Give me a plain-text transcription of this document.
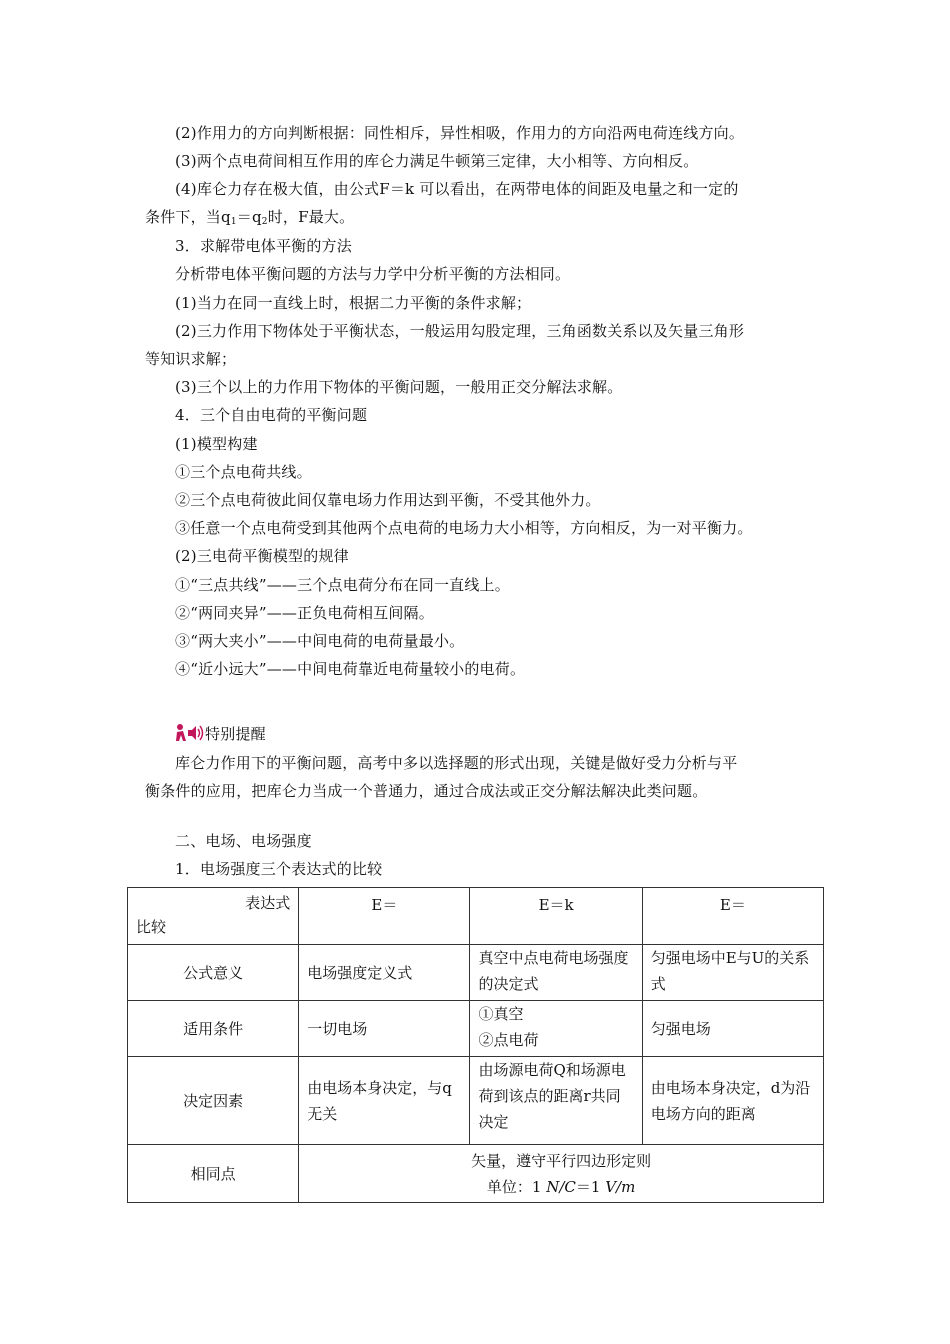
(2)作用力的方向判断根据：同性相斥，异性相吸，作用力的方向沿两电荷连线方向。
(3)两个点电荷间相互作用的库仑力满足牛顿第三定律，大小相等、方向相反。
(4)库仑力存在极大值，由公式F＝k 可以看出，在两带电体的间距及电量之和一定的
条件下，当$q_1=q_2$时，F最大。
3．求解带电体平衡的方法
分析带电体平衡问题的方法与力学中分析平衡的方法相同。
(1)当力在同一直线上时，根据二力平衡的条件求解；
(2)三力作用下物体处于平衡状态，一般运用勾股定理，三角函数关系以及矢量三角形
等知识求解；
(3)三个以上的力作用下物体的平衡问题，一般用正交分解法求解。
4．三个自由电荷的平衡问题
(1)模型构建
①三个点电荷共线。
②三个点电荷彼此间仅靠电场力作用达到平衡，不受其他外力。
③任意一个点电荷受到其他两个点电荷的电场力大小相等，方向相反，为一对平衡力。
(2)三电荷平衡模型的规律
①“三点共线”——三个点电荷分布在同一直线上。
②“两同夹异”——正负电荷相互间隔。
③“两大夹小”——中间电荷的电荷量最小。
④“近小远大”——中间电荷靠近电荷量较小的电荷。
特别提醒
库仑力作用下的平衡问题，高考中多以选择题的形式出现，关键是做好受力分析与平
衡条件的应用，把库仑力当成一个普通力，通过合成法或正交分解法解决此类问题。
二、电场、电场强度
1．电场强度三个表达式的比较
表达式
比较	E＝	E＝k	E＝
公式意义	电场强度定义式	真空中点电荷电场强度的决定式	匀强电场中E与U的关系式
适用条件	一切电场	①真空
②点电荷	匀强电场
决定因素	由电场本身决定，与q无关	由场源电荷Q和场源电荷到该点的距离r共同决定	由电场本身决定，d为沿电场方向的距离
相同点	矢量，遵守平行四边形定则
单位：1 N/C＝1 V/m		
